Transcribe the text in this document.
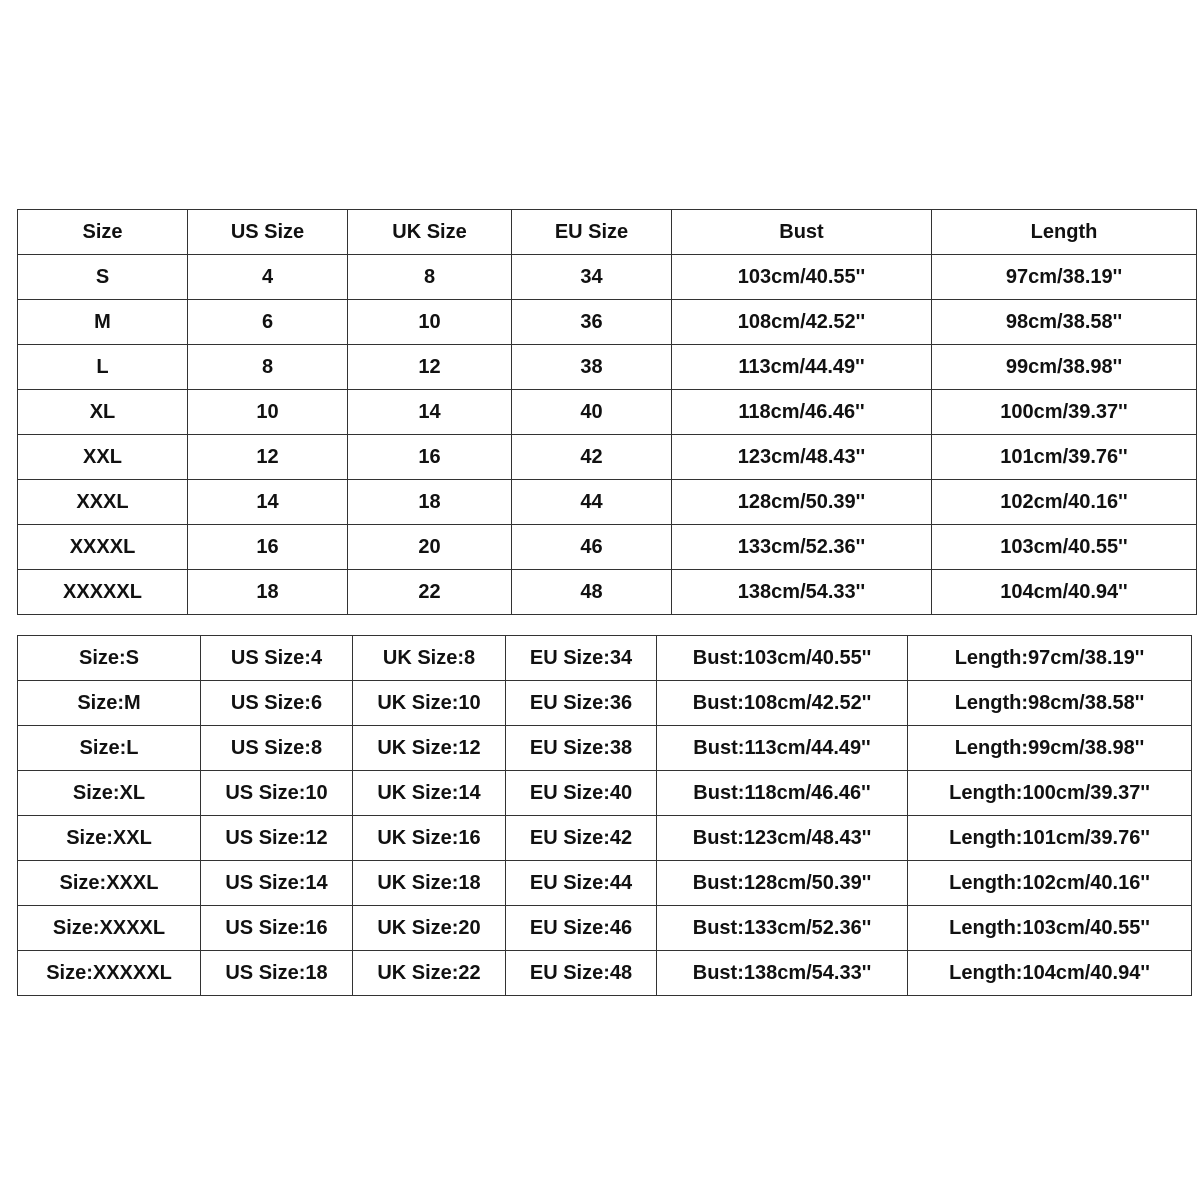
Size	US Size	UK Size	EU Size	Bust	Length
S	4	8	34	103cm/40.55''	97cm/38.19''
M	6	10	36	108cm/42.52''	98cm/38.58''
L	8	12	38	113cm/44.49''	99cm/38.98''
XL	10	14	40	118cm/46.46''	100cm/39.37''
XXL	12	16	42	123cm/48.43''	101cm/39.76''
XXXL	14	18	44	128cm/50.39''	102cm/40.16''
XXXXL	16	20	46	133cm/52.36''	103cm/40.55''
XXXXXL	18	22	48	138cm/54.33''	104cm/40.94''
Size:S	US Size:4	UK Size:8	EU Size:34	Bust:103cm/40.55''	Length:97cm/38.19''
Size:M	US Size:6	UK Size:10	EU Size:36	Bust:108cm/42.52''	Length:98cm/38.58''
Size:L	US Size:8	UK Size:12	EU Size:38	Bust:113cm/44.49''	Length:99cm/38.98''
Size:XL	US Size:10	UK Size:14	EU Size:40	Bust:118cm/46.46''	Length:100cm/39.37''
Size:XXL	US Size:12	UK Size:16	EU Size:42	Bust:123cm/48.43''	Length:101cm/39.76''
Size:XXXL	US Size:14	UK Size:18	EU Size:44	Bust:128cm/50.39''	Length:102cm/40.16''
Size:XXXXL	US Size:16	UK Size:20	EU Size:46	Bust:133cm/52.36''	Length:103cm/40.55''
Size:XXXXXL	US Size:18	UK Size:22	EU Size:48	Bust:138cm/54.33''	Length:104cm/40.94''
